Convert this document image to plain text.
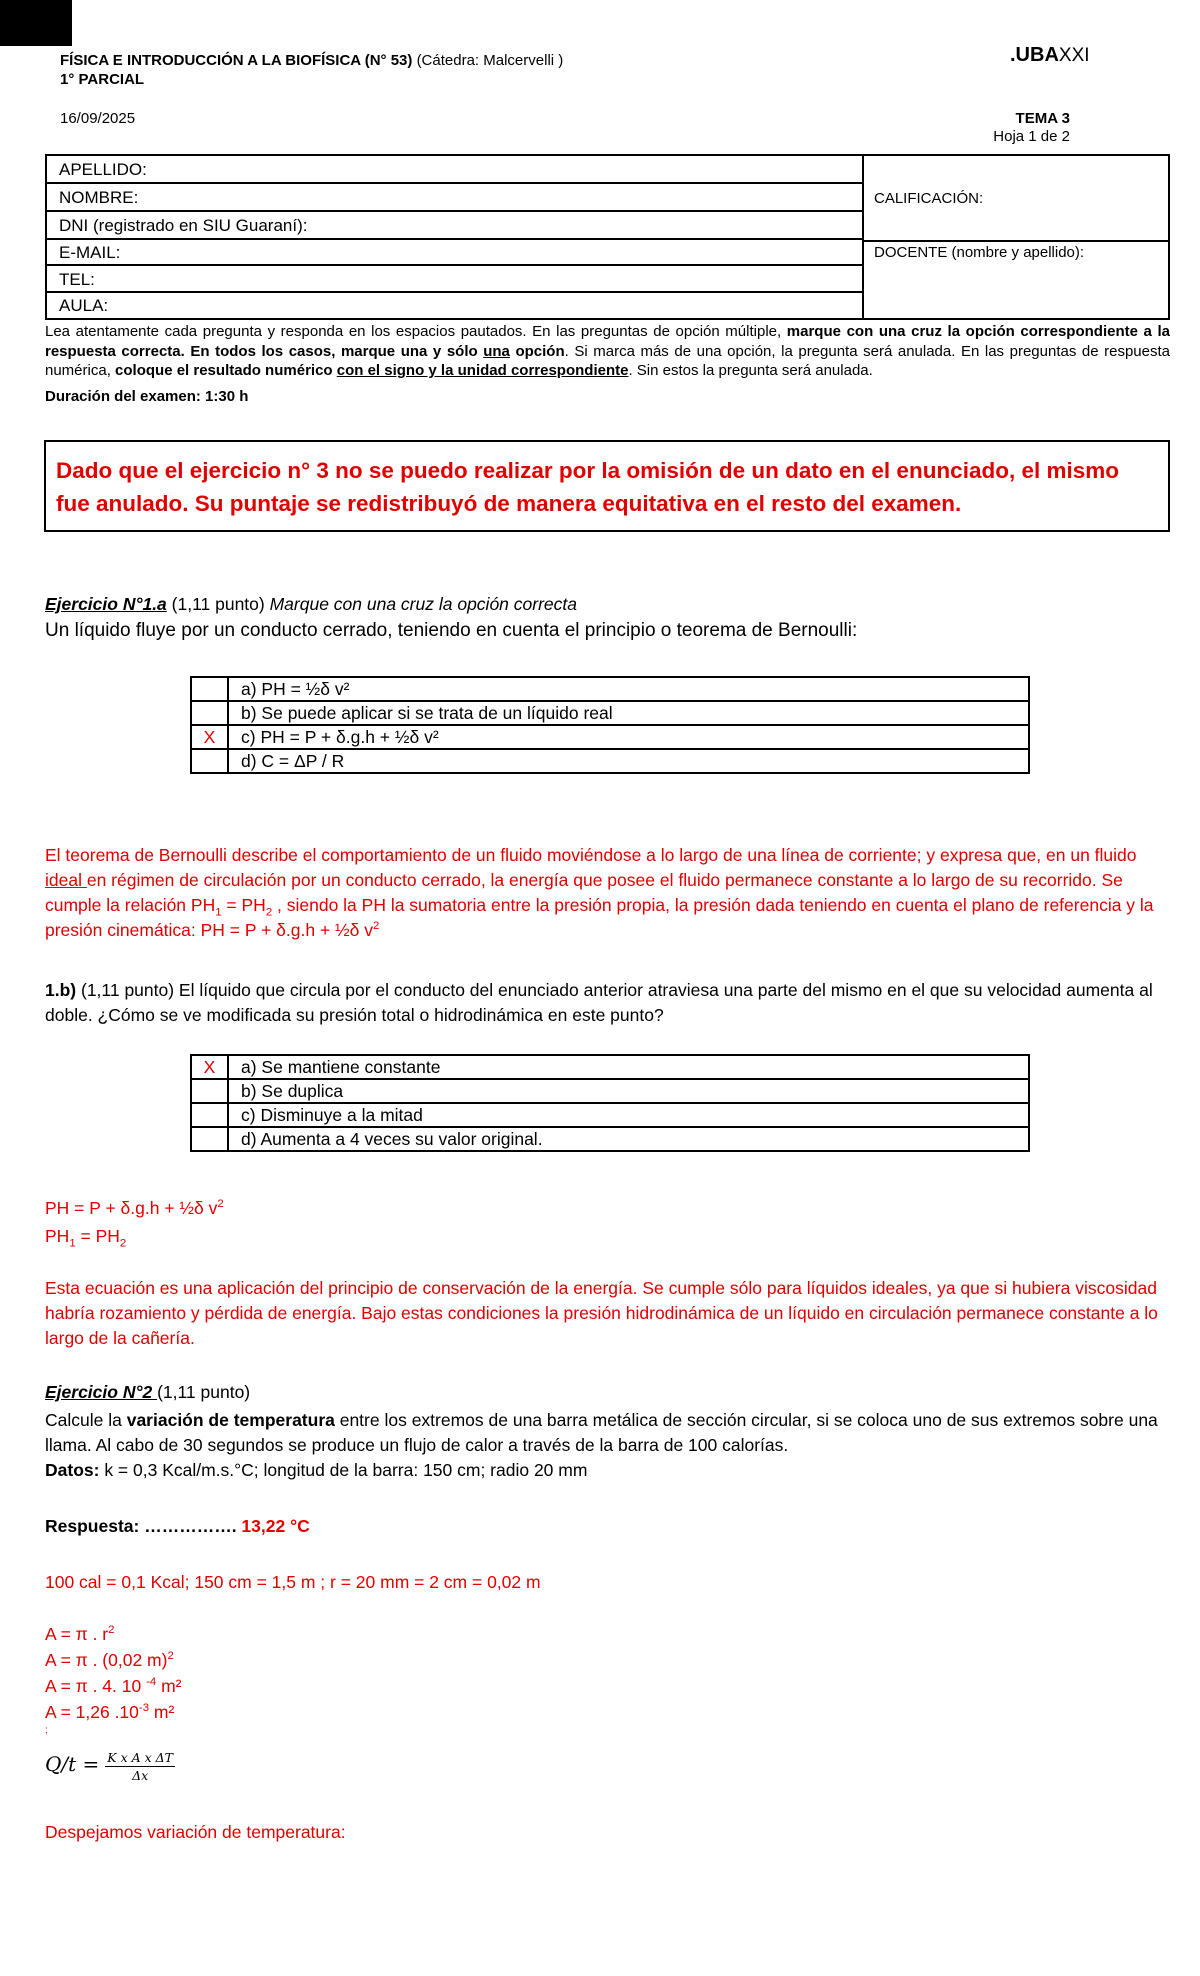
FÍSICA E INTRODUCCIÓN A LA BIOFÍSICA (N° 53) (Cátedra: Malcervelli )
1° PARCIAL
.UBAXXI
16/09/2025	TEMA 3
Hoja 1 de 2
APELLIDO:
NOMBRE:
DNI (registrado en SIU Guaraní):
E-MAIL:
TEL:
AULA:
CALIFICACIÓN:
DOCENTE (nombre y apellido):
Lea atentamente cada pregunta y responda en los espacios pautados. En las preguntas de opción múltiple, marque con una cruz la opción correspondiente a la respuesta correcta. En todos los casos, marque una y sólo una opción. Si marca más de una opción, la pregunta será anulada. En las preguntas de respuesta numérica, coloque el resultado numérico con el signo y la unidad correspondiente. Sin estos la pregunta será anulada.
Duración del examen: 1:30 h
Dado que el ejercicio n° 3 no se puedo realizar por la omisión de un dato en el enunciado, el mismo fue anulado. Su puntaje se redistribuyó de manera equitativa en el resto del examen.
Ejercicio N°1.a (1,11 punto) Marque con una cruz la opción correcta
Un líquido fluye por un conducto cerrado, teniendo en cuenta el principio o teorema de Bernoulli:
	a) PH = ½δ v²
	b) Se puede aplicar si se trata de un líquido real
X	c) PH = P + δ.g.h + ½δ v²
	d) C = ΔP / R
El teorema de Bernoulli describe el comportamiento de un fluido moviéndose a lo largo de una línea de corriente; y expresa que, en un fluido ideal en régimen de circulación por un conducto cerrado, la energía que posee el fluido permanece constante a lo largo de su recorrido. Se cumple la relación $PH_1 = PH_2$ , siendo la PH la sumatoria entre la presión propia, la presión dada teniendo en cuenta el plano de referencia y la presión cinemática: PH = P + δ.g.h + ½δ $v^2$
1.b) (1,11 punto) El líquido que circula por el conducto del enunciado anterior atraviesa una parte del mismo en el que su velocidad aumenta al doble. ¿Cómo se ve modificada su presión total o hidrodinámica en este punto?
X	a) Se mantiene constante
	b) Se duplica
	c) Disminuye a la mitad
	d) Aumenta a 4 veces su valor original.
PH = P + δ.g.h + ½δ $v^2$
$PH_1 = PH_2$
Esta ecuación es una aplicación del principio de conservación de la energía. Se cumple sólo para líquidos ideales, ya que si hubiera viscosidad habría rozamiento y pérdida de energía. Bajo estas condiciones la presión hidrodinámica de un líquido en circulación permanece constante a lo largo de la cañería.
Ejercicio N°2 (1,11 punto)
Calcule la variación de temperatura entre los extremos de una barra metálica de sección circular, si se coloca uno de sus extremos sobre una llama. Al cabo de 30 segundos se produce un flujo de calor a través de la barra de 100 calorías.
Datos: k = 0,3 Kcal/m.s.°C; longitud de la barra: 150 cm; radio 20 mm
Respuesta: ……………. 13,22 °C
100 cal = 0,1 Kcal; 150 cm = 1,5 m ; r = 20 mm = 2 cm = 0,02 m
A = π . $r^2$
A = π . (0,02 m)$^2$
A = π . 4. 10 $^{-4}$ m²
A = 1,26 $.10^{-3}$ m²
;
$Q/t = \frac{\text{K x A x ΔT}}{\Delta x}$
Despejamos variación de temperatura:
